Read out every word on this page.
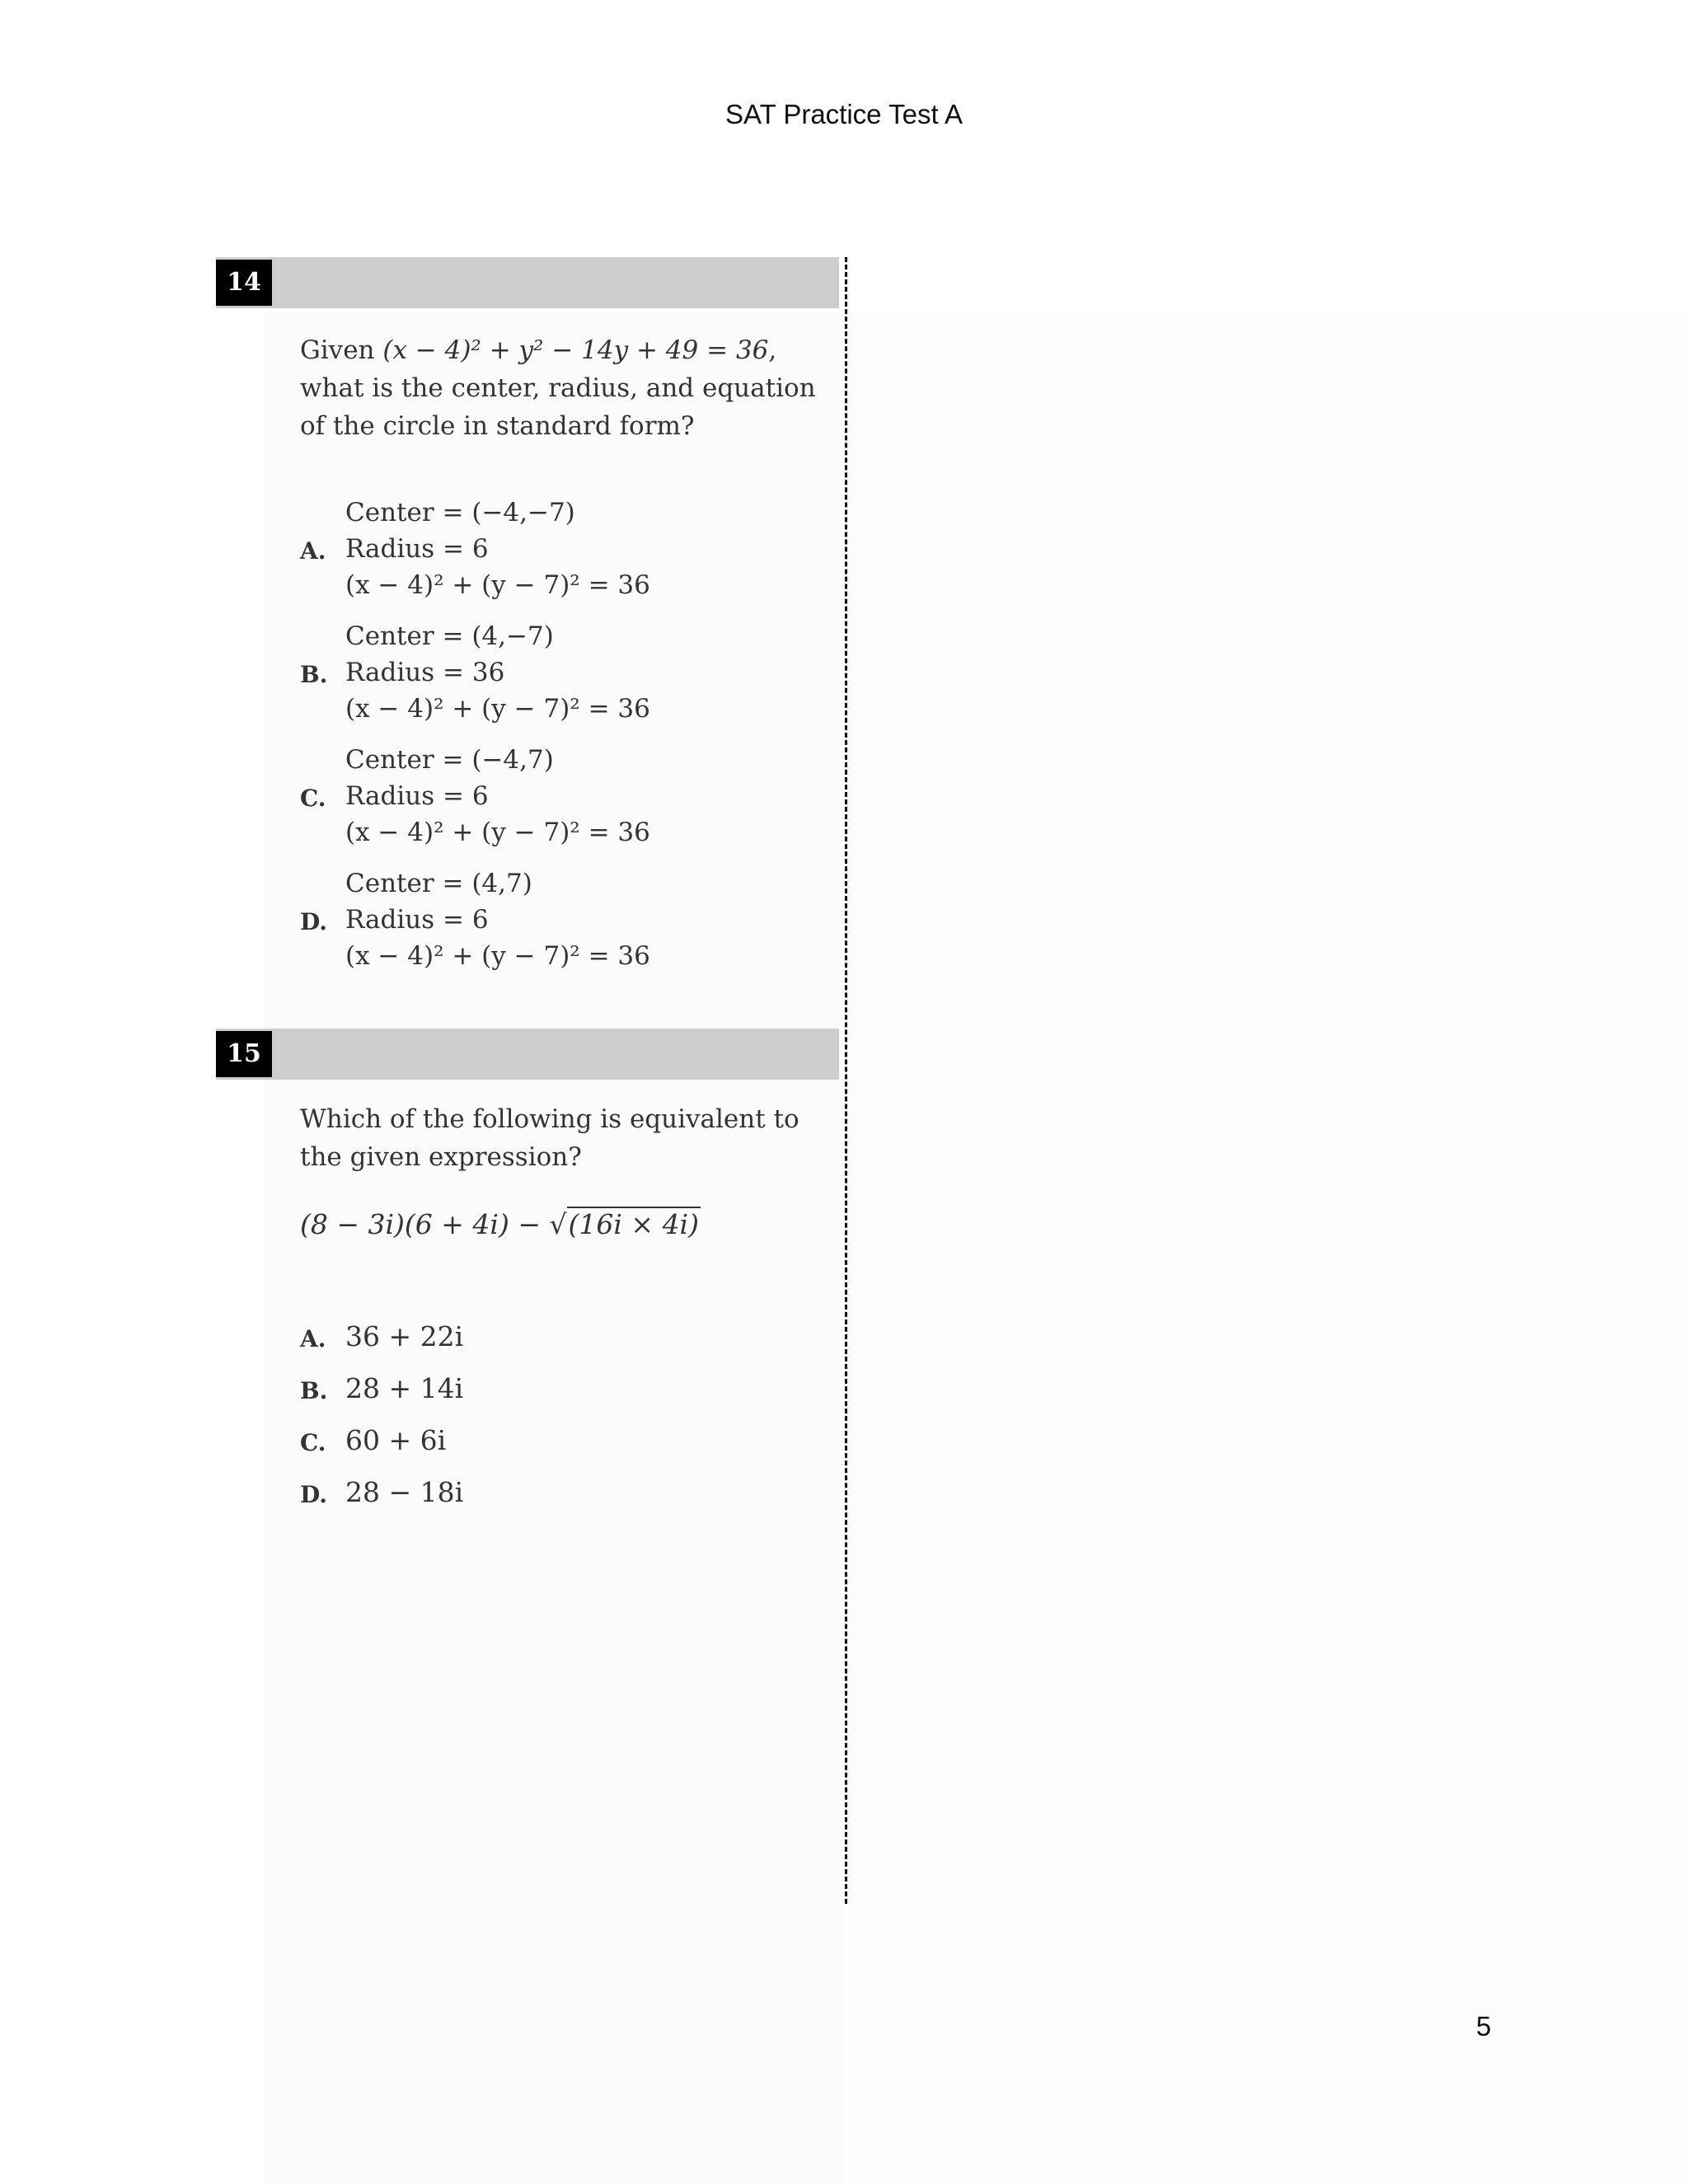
SAT Practice Test A
14
Given (x − 4)² + y² − 14y + 49 = 36, what is the center, radius, and equation of the circle in standard form?
A.
Center = (−4,−7)
Radius = 6
(x − 4)² + (y − 7)² = 36
B.
Center = (4,−7)
Radius = 36
(x − 4)² + (y − 7)² = 36
C.
Center = (−4,7)
Radius = 6
(x − 4)² + (y − 7)² = 36
D.
Center = (4,7)
Radius = 6
(x − 4)² + (y − 7)² = 36
15
Which of the following is equivalent to the given expression?
(8 − 3i)(6 + 4i) − √(16i × 4i)
A. 36 + 22i
B. 28 + 14i
C. 60 + 6i
D. 28 − 18i
5
